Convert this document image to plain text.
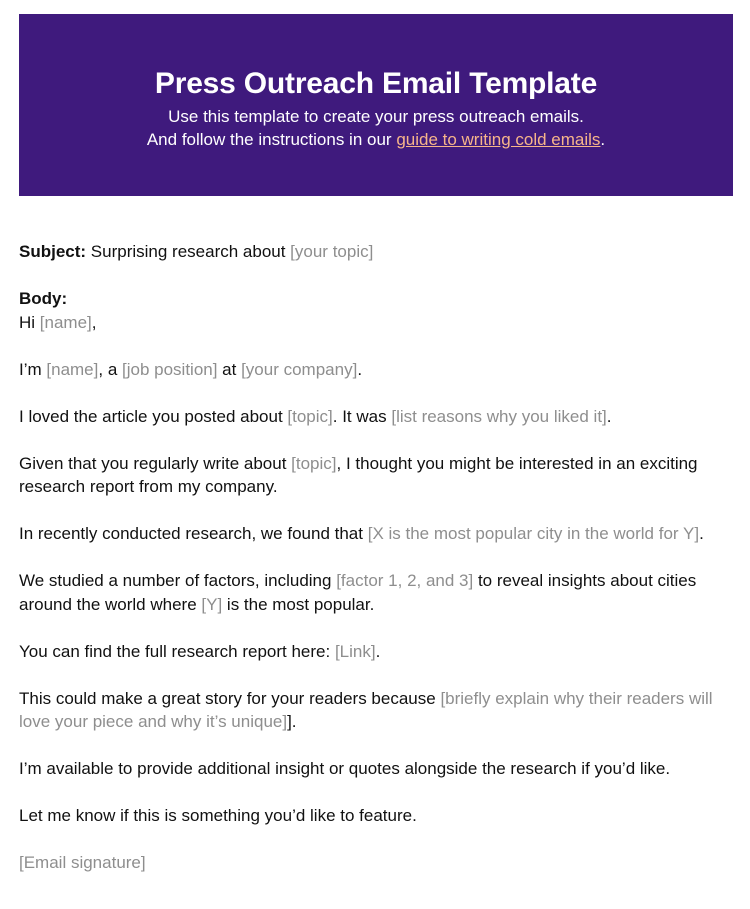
Press Outreach Email Template
Use this template to create your press outreach emails.
And follow the instructions in our guide to writing cold emails.

Subject: Surprising research about [your topic]

Body:
Hi [name],

I’m [name], a [job position] at [your company].

I loved the article you posted about [topic]. It was [list reasons why you liked it].

Given that you regularly write about [topic], I thought you might be interested in an exciting research report from my company.

In recently conducted research, we found that [X is the most popular city in the world for Y].

We studied a number of factors, including [factor 1, 2, and 3] to reveal insights about cities around the world where [Y] is the most popular.

You can find the full research report here: [Link].

This could make a great story for your readers because [briefly explain why their readers will love your piece and why it’s unique]].

I’m available to provide additional insight or quotes alongside the research if you’d like.

Let me know if this is something you’d like to feature.

[Email signature]
